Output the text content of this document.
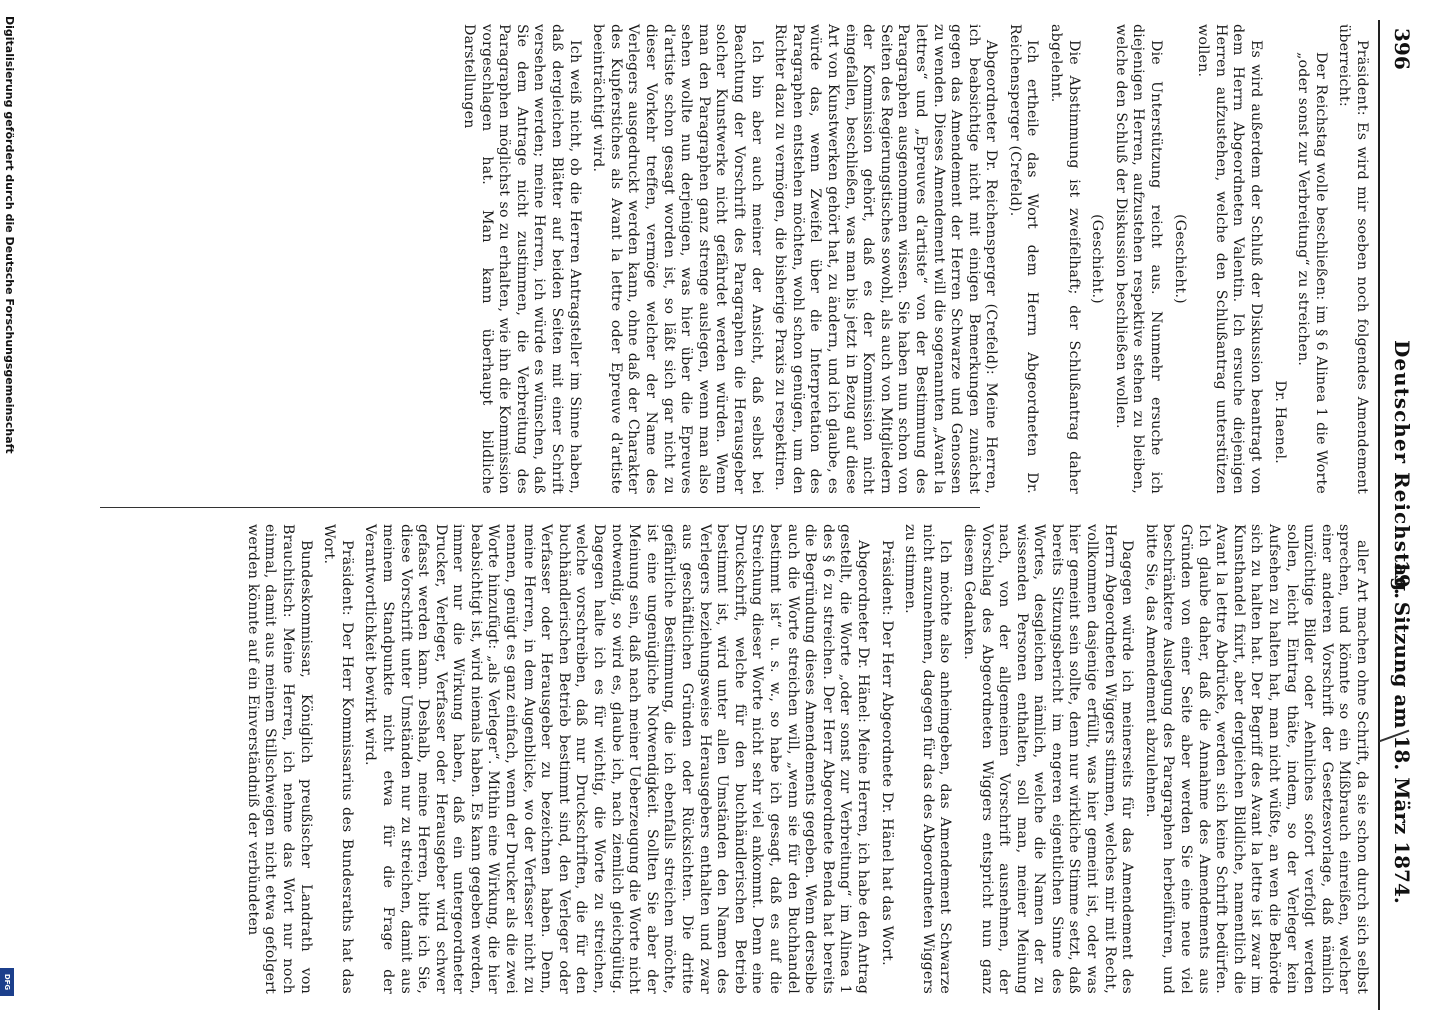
396
Deutscher Reichstag.
19. Sitzung am 18. März 1874.

Präsident: Es wird mir soeben noch folgendes Amendement überreicht:

Der Reichstag wolle beschließen: im § 6 Alinea 1 die Worte „oder sonst zur Verbreitung“ zu streichen.

Dr. Haenel.

Es wird außerdem der Schluß der Diskussion beantragt von dem Herrn Abgeordneten Valentin. Ich ersuche diejenigen Herren aufzustehen, welche den Schlußantrag unterstützen wollen.

(Geschieht.)

Die Unterstützung reicht aus. Nunmehr ersuche ich diejenigen Herren, aufzustehen respektive stehen zu bleiben, welche den Schluß der Diskussion beschließen wollen.

(Geschieht.)

Die Abstimmung ist zweifelhaft; der Schlußantrag daher abgelehnt.

Ich ertheile das Wort dem Herrn Abgeordneten Dr. Reichensperger (Crefeld).

Abgeordneter Dr. Reichensperger (Crefeld): Meine Herren, ich beabsichtige nicht mit einigen Bemerkungen zunächst gegen das Amendement der Herren Schwarze und Genossen zu wenden. Dieses Amendement will die sogenannten „Avant la lettres“ und „Epreuves d'artiste“ von der Bestimmung des Paragraphen ausgenommen wissen. Sie haben nun schon von Seiten des Regierungstisches sowohl, als auch von Mitgliedern der Kommission gehört, daß es der Kommission nicht eingefallen, beschließen, was man bis jetzt in Bezug auf diese Art von Kunstwerken gehört hat, zu ändern, und ich glaube, es würde das, wenn Zweifel über die Interpretation des Paragraphen entstehen möchten, wohl schon genügen, um den Richter dazu zu vermögen, die bisherige Praxis zu respektiren.

Ich bin aber auch meiner der Ansicht, daß selbst bei Beachtung der Vorschrift des Paragraphen die Herausgeber solcher Kunstwerke nicht gefährdet werden würden. Wenn man den Paragraphen ganz strenge auslegen, wenn man also sehen wollte nun derjenigen, was hier über die Epreuves d'artiste schon gesagt worden ist, so läßt sich gar nicht zu dieser Vorkehr treffen, vermöge welcher der Name des Verlegers ausgedruckt werden kann, ohne daß der Charakter des Kupferstiches als Avant la lettre oder Epreuve d'artiste beeinträchtigt wird.

Ich weiß nicht, ob die Herren Antragsteller im Sinne haben, daß dergleichen Blätter auf beiden Seiten mit einer Schrift versehen werden; meine Herren, ich würde es wünschen, daß Sie dem Antrage nicht zustimmen, die Verbreitung des Paragraphen möglichst so zu erhalten, wie ihn die Kommission vorgeschlagen hat. Man kann überhaupt bildliche Darstellungen

aller Art machen ohne Schrift, da sie schon durch sich selbst sprechen, und könnte so ein Mißbrauch einreißen, welcher einer anderen Vorschrift der Gesetzesvorlage, daß nämlich unzüchtige Bilder oder Aehnliches sofort verfolgt werden sollen, leicht Eintrag thäte, indem, so der Verleger kein Aufsehen zu halten hat, man nicht wüßte, an wen die Behörde sich zu halten hat. Der Begriff des Avant la lettre ist zwar im Kunsthandel fixirt, aber dergleichen Bildliche, namentlich die Avant la lettre Abdrücke, werden sich keine Schrift bedürfen. Ich glaube daher, daß die Annahme des Amendements aus Gründen von einer Seite aber werden Sie eine neue viel beschränktere Auslegung des Paragraphen herbeiführen, und bitte Sie, das Amendement abzulehnen.

Dagegen würde ich meinerseits für das Amendement des Herrn Abgeordneten Wiggers stimmen, welches mir mit Recht, vollkommen dasjenige erfüllt, was hier gemeint ist, oder was hier gemeint sein sollte, denn nur wirkliche Stimme setzt, daß bereits Sitzungsbericht im engeren eigentlichen Sinne des Wortes, desgleichen nämlich, welche die Namen der zu wissenden Personen enthalten, soll man, meiner Meinung nach, von der allgemeinen Vorschrift ausnehmen, der Vorschlag des Abgeordneten Wiggers entspricht nun ganz diesem Gedanken.

Ich möchte also anheimgeben, das Amendement Schwarze nicht anzunehmen, dagegen für das des Abgeordneten Wiggers zu stimmen.

Präsident: Der Herr Abgeordnete Dr. Hänel hat das Wort.

Abgeordneter Dr. Hänel: Meine Herren, ich habe den Antrag gestellt, die Worte „oder sonst zur Verbreitung“ im Alinea 1 des § 6 zu streichen. Der Herr Abgeordnete Benda hat bereits die Begründung dieses Amendements gegeben. Wenn derselbe auch die Worte streichen will, „wenn sie für den Buchhandel bestimmt ist“ u. s. w., so habe ich gesagt, daß es auf die Streichung dieser Worte nicht sehr viel ankommt. Denn eine Druckschrift, welche für den buchhändlerischen Betrieb bestimmt ist, wird unter allen Umständen den Namen des Verlegers beziehungsweise Herausgebers enthalten und zwar aus geschäftlichen Gründen oder Rücksichten. Die dritte gefährliche Bestimmung, die ich ebenfalls streichen möchte, ist eine ungenügliche Notwendigkeit. Sollten Sie aber der Meinung sein, daß nach meiner Ueberzeugung die Worte nicht notwendig, so wird es, glaube ich, nach ziemlich gleichgültig. Dagegen halte ich es für wichtig, die Worte zu streichen, welche vorschreiben, daß nur Druckschriften, die für den buchhändlerischen Betrieb bestimmt sind, den Verleger oder Verfasser oder Herausgeber zu bezeichnen haben. Denn, meine Herren, in dem Augenblicke, wo der Verfasser nicht zu nennen, genügt es ganz einfach, wenn der Drucker als die zwei Worte hinzufügt: „als Verleger“. Mithin eine Wirkung, die hier beabsichtigt ist, wird niemals haben. Es kann gegeben werden, immer nur die Wirkung haben, daß ein untergeordneter Drucker, Verleger, Verfasser oder Herausgeber wird schwer gefasst werden kann. Deshalb, meine Herren, bitte ich Sie, diese Vorschrift unter Umständen nur zu streichen, damit aus meinem Standpunkte nicht etwa für die Frage der Verantwortlichkeit bewirkt wird.

Präsident: Der Herr Kommissarius des Bundesraths hat das Wort.

Bundeskommissar, Königlich preußischer Landrath von Brauchitsch: Meine Herren, ich nehme das Wort nur noch einmal, damit aus meinem Stillschweigen nicht etwa gefolgert werden könnte auf ein Einverständniß der verbündeten

Digitalisierung gefördert durch die Deutsche Forschungsgemeinschaft
DFG
